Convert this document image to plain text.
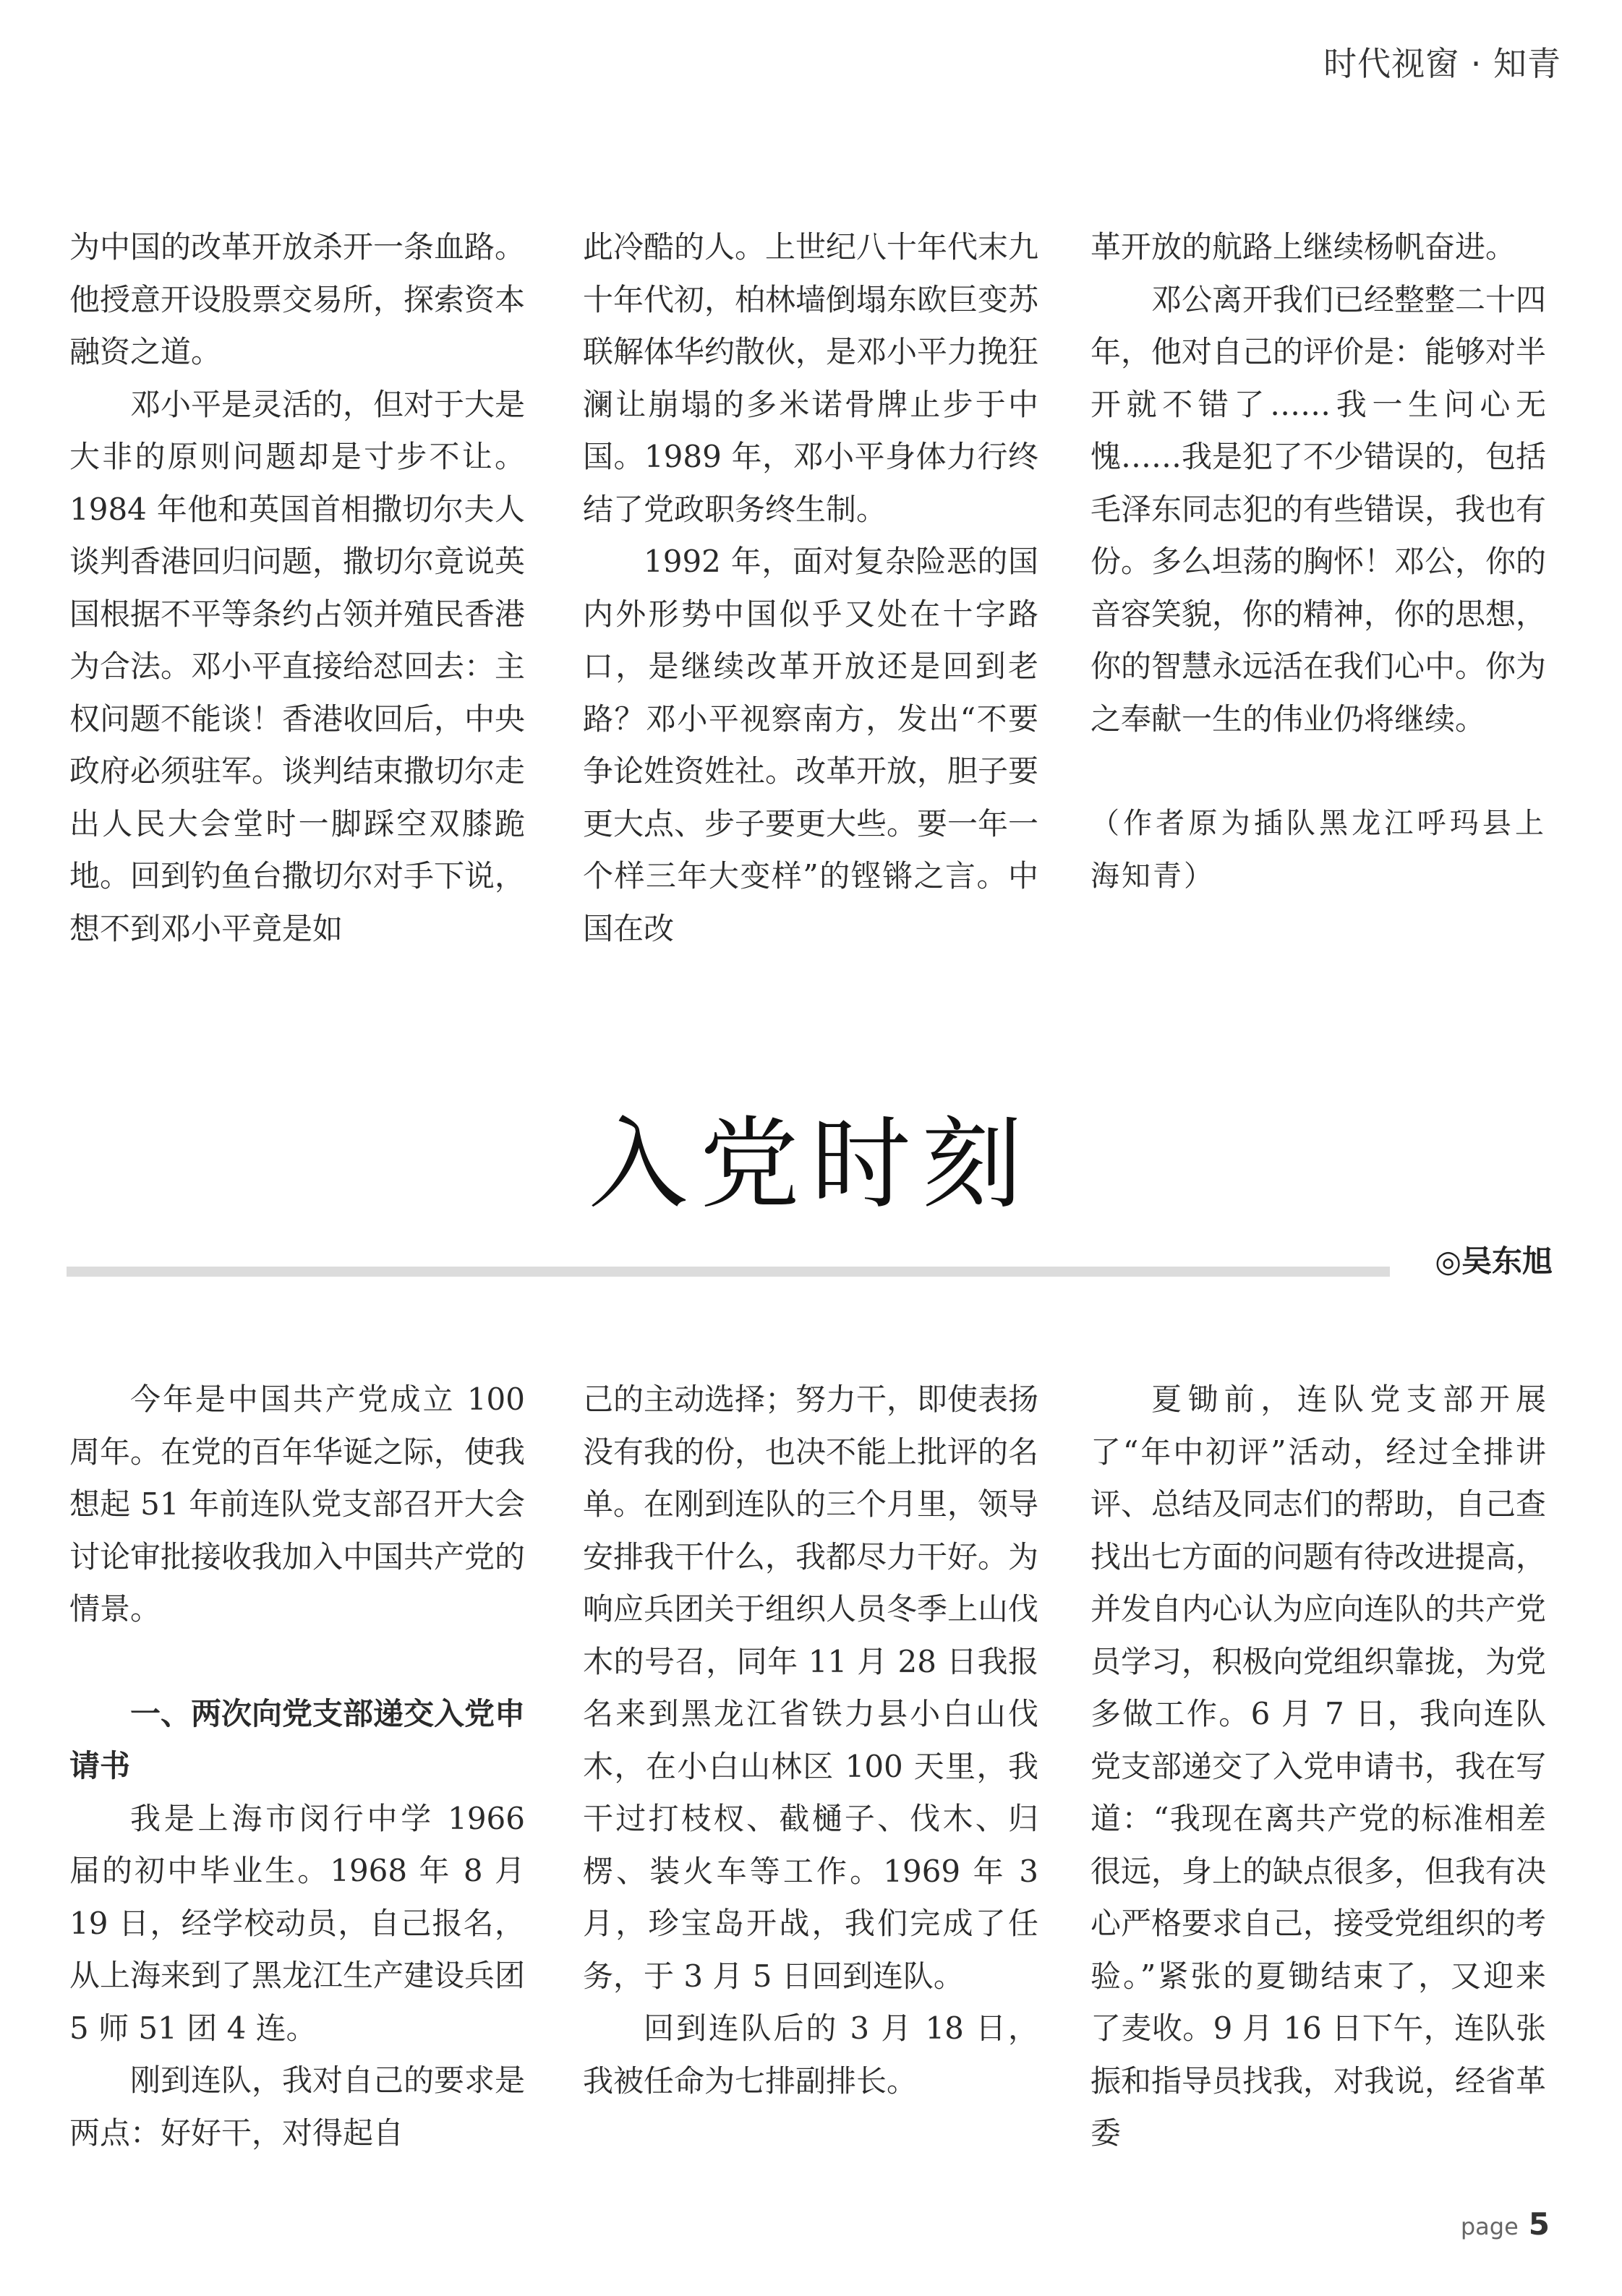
时代视窗 · 知青

为中国的改革开放杀开一条血路。他授意开设股票交易所，探索资本融资之道。

邓小平是灵活的，但对于大是大非的原则问题却是寸步不让。1984 年他和英国首相撒切尔夫人谈判香港回归问题，撒切尔竟说英国根据不平等条约占领并殖民香港为合法。邓小平直接给怼回去：主权问题不能谈！香港收回后，中央政府必须驻军。谈判结束撒切尔走出人民大会堂时一脚踩空双膝跪地。回到钓鱼台撒切尔对手下说，想不到邓小平竟是如

此冷酷的人。上世纪八十年代末九十年代初，柏林墙倒塌东欧巨变苏联解体华约散伙，是邓小平力挽狂澜让崩塌的多米诺骨牌止步于中国。1989 年，邓小平身体力行终结了党政职务终生制。

1992 年，面对复杂险恶的国内外形势中国似乎又处在十字路口，是继续改革开放还是回到老路？邓小平视察南方，发出“不要争论姓资姓社。改革开放，胆子要更大点、步子要更大些。要一年一个样三年大变样”的铿锵之言。中国在改

革开放的航路上继续杨帆奋进。

邓公离开我们已经整整二十四年，他对自己的评价是：能够对半开就不错了……我一生问心无愧……我是犯了不少错误的，包括毛泽东同志犯的有些错误，我也有份。多么坦荡的胸怀！邓公，你的音容笑貌，你的精神，你的思想，你的智慧永远活在我们心中。你为之奉献一生的伟业仍将继续。

（作者原为插队黑龙江呼玛县上海知青）

入党时刻
◎吴东旭

今年是中国共产党成立 100 周年。在党的百年华诞之际，使我想起 51 年前连队党支部召开大会讨论审批接收我加入中国共产党的情景。

一、两次向党支部递交入党申请书

我是上海市闵行中学 1966 届的初中毕业生。1968 年 8 月 19 日，经学校动员，自己报名，从上海来到了黑龙江生产建设兵团 5 师 51 团 4 连。

刚到连队，我对自己的要求是两点：好好干，对得起自

己的主动选择；努力干，即使表扬没有我的份，也决不能上批评的名单。在刚到连队的三个月里，领导安排我干什么，我都尽力干好。为响应兵团关于组织人员冬季上山伐木的号召，同年 11 月 28 日我报名来到黑龙江省铁力县小白山伐木，在小白山林区 100 天里，我干过打枝杈、截樋子、伐木、归楞、装火车等工作。1969 年 3 月，珍宝岛开战，我们完成了任务，于 3 月 5 日回到连队。

回到连队后的 3 月 18 日，我被任命为七排副排长。

夏锄前，连队党支部开展了“年中初评”活动，经过全排讲评、总结及同志们的帮助，自己查找出七方面的问题有待改进提高，并发自内心认为应向连队的共产党员学习，积极向党组织靠拢，为党多做工作。6 月 7 日，我向连队党支部递交了入党申请书，我在写道：“我现在离共产党的标准相差很远，身上的缺点很多，但我有决心严格要求自己，接受党组织的考验。”紧张的夏锄结束了，又迎来了麦收。9 月 16 日下午，连队张振和指导员找我，对我说，经省革委

page 5
